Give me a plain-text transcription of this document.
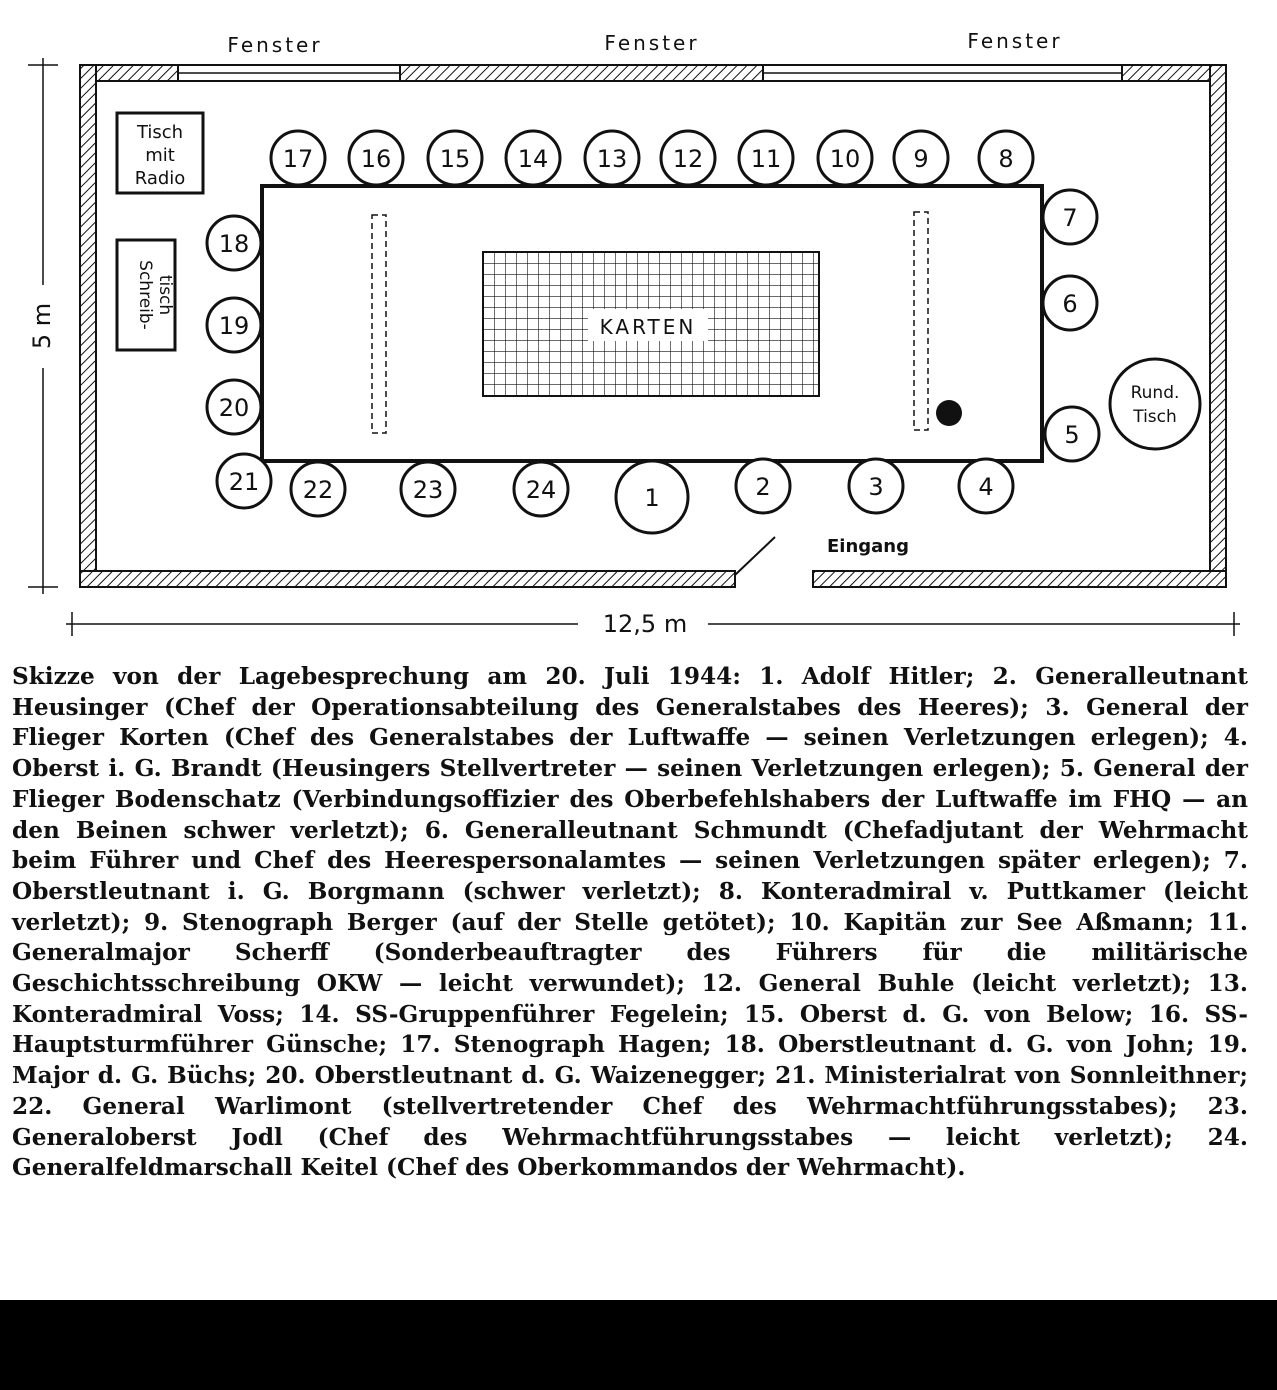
Fenster	Fenster	Fenster
Eingang
5 m
12,5 m
Tisch
mit
Radio
Schreib- tisch
Rund.
Tisch
KARTEN
1	2	3	4
5
6
7
8
9
10
11
12
13
14
15
16
17
18
19
20
21 22	23	24

Skizze von der Lagebesprechung am 20. Juli 1944: 1. Adolf Hitler; 2. Generalleutnant Heusinger (Chef der Operationsabteilung des Generalstabes des Heeres); 3. General der Flieger Korten (Chef des Generalstabes der Luftwaffe — seinen Verletzungen erlegen); 4. Oberst i. G. Brandt (Heusingers Stellvertreter — seinen Verletzungen erlegen); 5. General der Flieger Bodenschatz (Verbindungsoffizier des Oberbefehlshabers der Luftwaffe im FHQ — an den Beinen schwer verletzt); 6. Generalleutnant Schmundt (Chefadjutant der Wehrmacht beim Führer und Chef des Heerespersonalamtes — seinen Verletzungen später erlegen); 7. Oberstleutnant i. G. Borgmann (schwer verletzt); 8. Konteradmiral v. Puttkamer (leicht verletzt); 9. Stenograph Berger (auf der Stelle getötet); 10. Kapitän zur See Aßmann; 11. Generalmajor Scherff (Sonderbeauftragter des Führers für die militärische Geschichtsschreibung OKW — leicht verwundet); 12. General Buhle (leicht verletzt); 13. Konteradmiral Voss; 14. SS-Gruppenführer Fegelein; 15. Oberst d. G. von Below; 16. SS-Hauptsturmführer Günsche; 17. Stenograph Hagen; 18. Oberstleutnant d. G. von John; 19. Major d. G. Büchs; 20. Oberstleutnant d. G. Waizenegger; 21. Ministerialrat von Sonnleithner; 22. General Warlimont (stellvertretender Chef des Wehrmachtführungsstabes); 23. Generaloberst Jodl (Chef des Wehrmachtführungsstabes — leicht verletzt); 24. Generalfeldmarschall Keitel (Chef des Oberkommandos der Wehrmacht).
